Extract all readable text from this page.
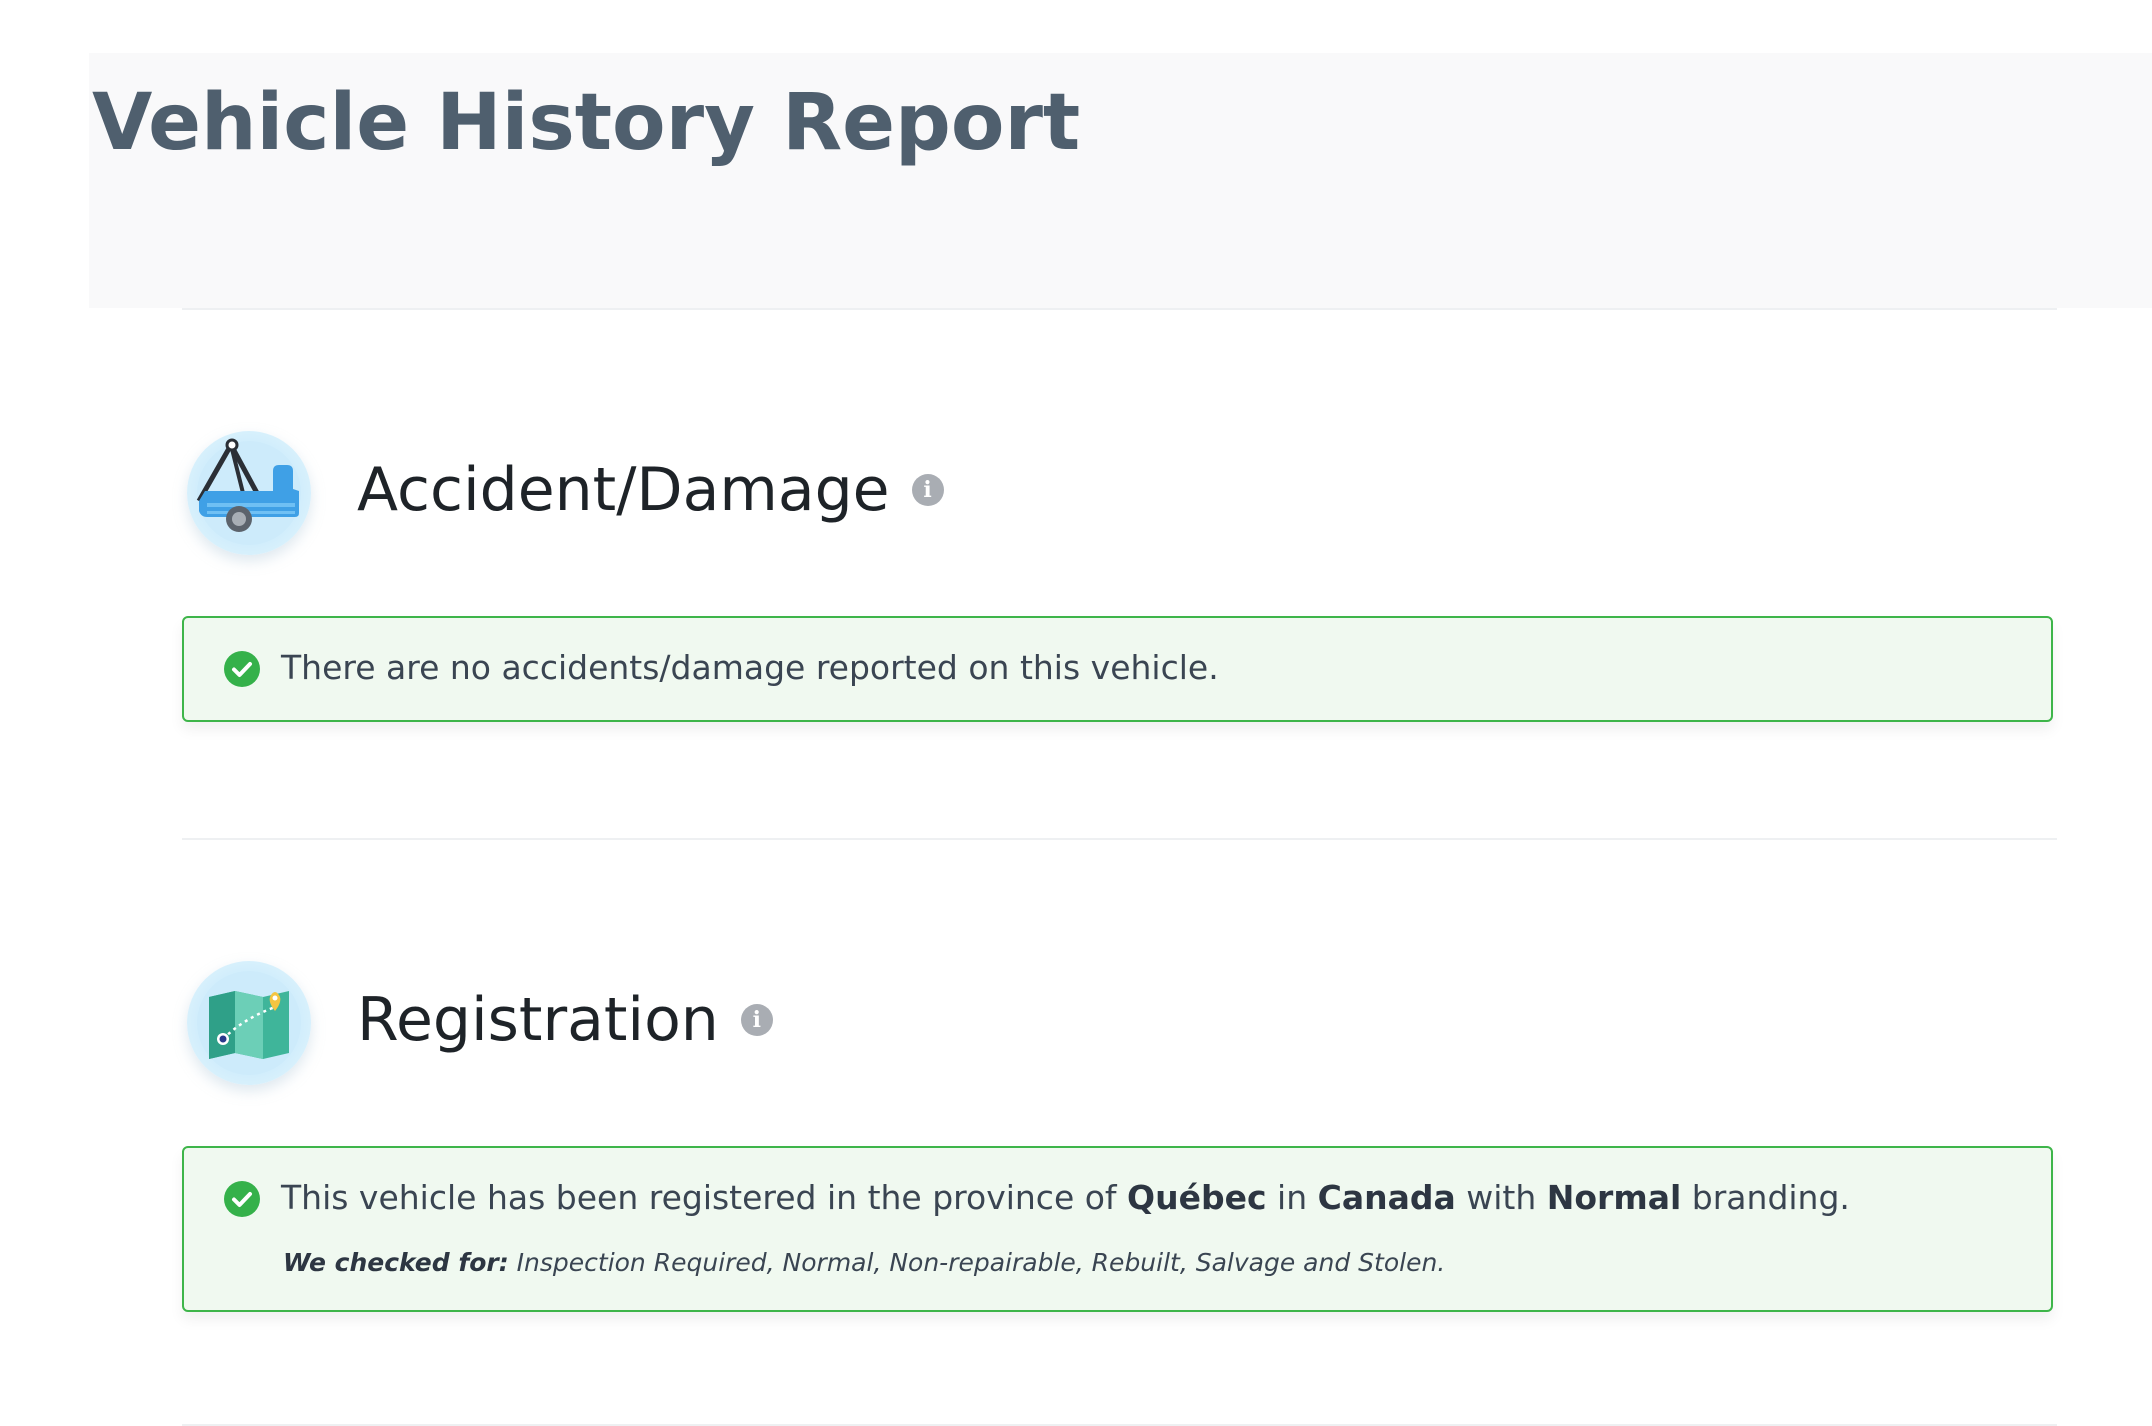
Vehicle History Report
Accident/Damage	i
There are no accidents/damage reported on this vehicle.
Registration	i
This vehicle has been registered in the province of Québec in Canada with Normal branding.
We checked for: Inspection Required, Normal, Non-repairable, Rebuilt, Salvage and Stolen.
